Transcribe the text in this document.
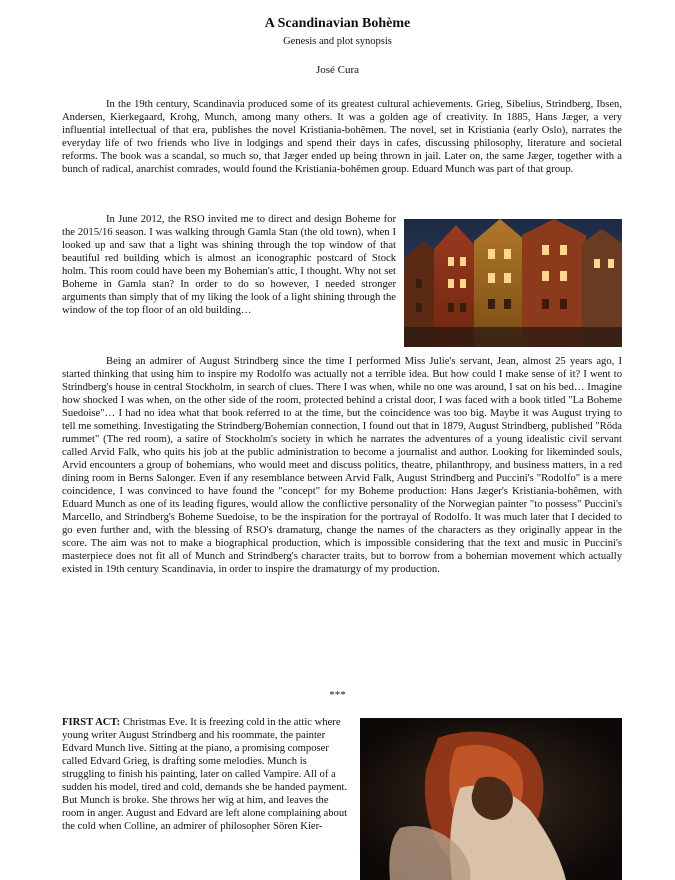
A Scandinavian Bohème
Genesis and plot synopsis
José Cura

In the 19th century, Scandinavia produced some of its greatest cultural achievements. Grieg, Sibelius, Strindberg, Ibsen, Andersen, Kierkegaard, Krohg, Munch, among many others. It was a golden age of creativity. In 1885, Hans Jæger, a very influential intellectual of that era, publishes the novel Kristiania-bohêmen. The novel, set in Kristiania (early Oslo), narrates the everyday life of two friends who live in lodgings and spend their days in cafes, discussing philosophy, literature and societal reforms. The book was a scandal, so much so, that Jæger ended up being thrown in jail. Later on, the same Jæger, together with a bunch of radical, anarchist comrades, would found the Kristiania-bohêmen group. Eduard Munch was part of that group.

In June 2012, the RSO invited me to direct and design Boheme for the 2015/16 season. I was walking through Gamla Stan (the old town), when I looked up and saw that a light was shining through the top window of that beautiful red building which is almost an iconographic postcard of Stock holm. This room could have been my Bohemian's attic, I thought. Why not set Boheme in Gamla stan? In order to do so however, I needed stronger arguments than simply that of my liking the look of a light shining through the window of the top floor of an old building…

Being an admirer of August Strindberg since the time I performed Miss Julie's servant, Jean, almost 25 years ago, I started thinking that using him to inspire my Rodolfo was actually not a terrible idea. But how could I make sense of it? I went to Strindberg's house in central Stockholm, in search of clues. There I was when, while no one was around, I sat on his bed… Imagine how shocked I was when, on the other side of the room, protected behind a cristal door, I was faced with a book titled "La Boheme Suedoise"… I had no idea what that book referred to at the time, but the coincidence was too big. Maybe it was August trying to tell me something. Investigating the Strindberg/Bohemian connection, I found out that in 1879, August Strindberg, published "Röda rummet" (The red room), a satire of Stockholm's society in which he narrates the adventures of a young idealistic civil servant called Arvid Falk, who quits his job at the public administration to become a journalist and author. Looking for likeminded souls, Arvid encounters a group of bohemians, who would meet and discuss politics, theatre, philanthropy, and business matters, in a red dining room in Berns Salonger. Even if any resemblance between Arvid Falk, August Strindberg and Puccini's "Rodolfo" is a mere coincidence, I was convinced to have found the "concept" for my Boheme production: Hans Jæger's Kristiania-bohêmen, with Eduard Munch as one of its leading figures, would allow the conflictive personality of the Norwegian painter "to possess" Puccini's Marcello, and Strindberg's Boheme Suedoise, to be the inspiration for the portrayal of Rodolfo. It was much later that I decided to go even further and, with the blessing of RSO's dramaturg, change the names of the characters as they originally appear in the score. The aim was not to make a biographical production, which is impossible considering that the text and music in Puccini's masterpiece does not fit all of Munch and Strindberg's character traits, but to borrow from a bohemian movement which actually existed in 19th century Scandinavia, in order to inspire the dramaturgy of my production.

***

FIRST ACT: Christmas Eve. It is freezing cold in the attic where young writer August Strindberg and his roommate, the painter Edvard Munch live. Sitting at the piano, a promising composer called Edvard Grieg, is drafting some melodies. Munch is struggling to finish his painting, later on called Vampire. All of a sudden his model, tired and cold, demands she be handed payment. But Munch is broke. She throws her wig at him, and leaves the room in anger. August and Edvard are left alone complaining about the cold when Colline, an admirer of philosopher Sören Kier-
